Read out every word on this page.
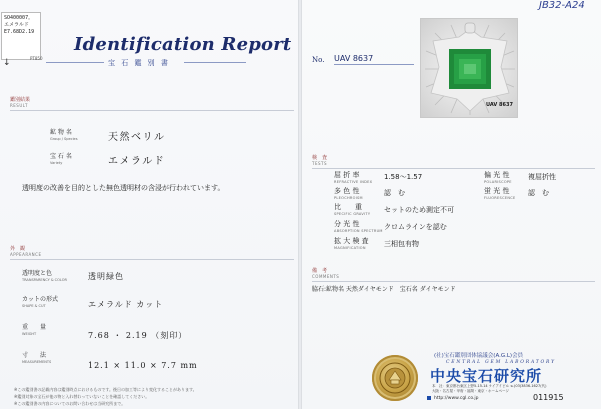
SO400007。
エメラルド
E7.68D2.19
↓	PT850
Identification Report
宝 石 鑑 別 書
鑑別結果
RESULT
鉱 物 名
Group / Species	天然ベリル
宝 石 名
Variety	エメラルド
透明度の改善を目的とした無色透明材の含浸が行われています。
外　観
APPEARANCE
透明度と色
TRANSPARENCY & COLOR	透明緑色
カットの形式
SHAPE & CUT	エメラルド カット
重　　量
WEIGHT	7.68 ・ 2.19 （刻印）
寸　　法
MEASUREMENTS	12.1 × 11.0 × 7.7 mm
※この鑑別書の記載内容は鑑別時点におけるものです。後日の加工等により変化することがあります。
※鑑別対象の宝石が他の物と入れ替わっていないことを確認してください。
※この鑑別書の内容についてのお問い合わせは当研究所まで。
JB32-A24
No. UAV 8637
UAV 8637
検　査
TESTS
屈 折 率
REFRACTIVE INDEX
1.58～1.57
多 色 性
PLEOCHROISM
認　む
比　　重
SPECIFIC GRAVITY セットのため測定不可
分 光 性
ABSORPTION SPECTRUM クロムラインを認む
拡 大 検 査
MAGNIFICATION	三相包有物
偏 光 性
POLARISCOPE
複屈折性
蛍 光 性
FLUORESCENCE
認　む
備　考
COMMENTS
脇石:鉱物名 天然ダイヤモンド　宝石名 ダイヤモンド
(社)宝石鑑別団体協議会(A.G.L)会員
CENTRAL GEM LABORATORY
中央宝石研究所
本　社：東京都台東区上野5-15-14 ケイアイビル ℡(03)3836-1627(代)
大阪・名古屋・甲府・福岡・東京・ホームページ
http://www.cgl.co.jp	011915
